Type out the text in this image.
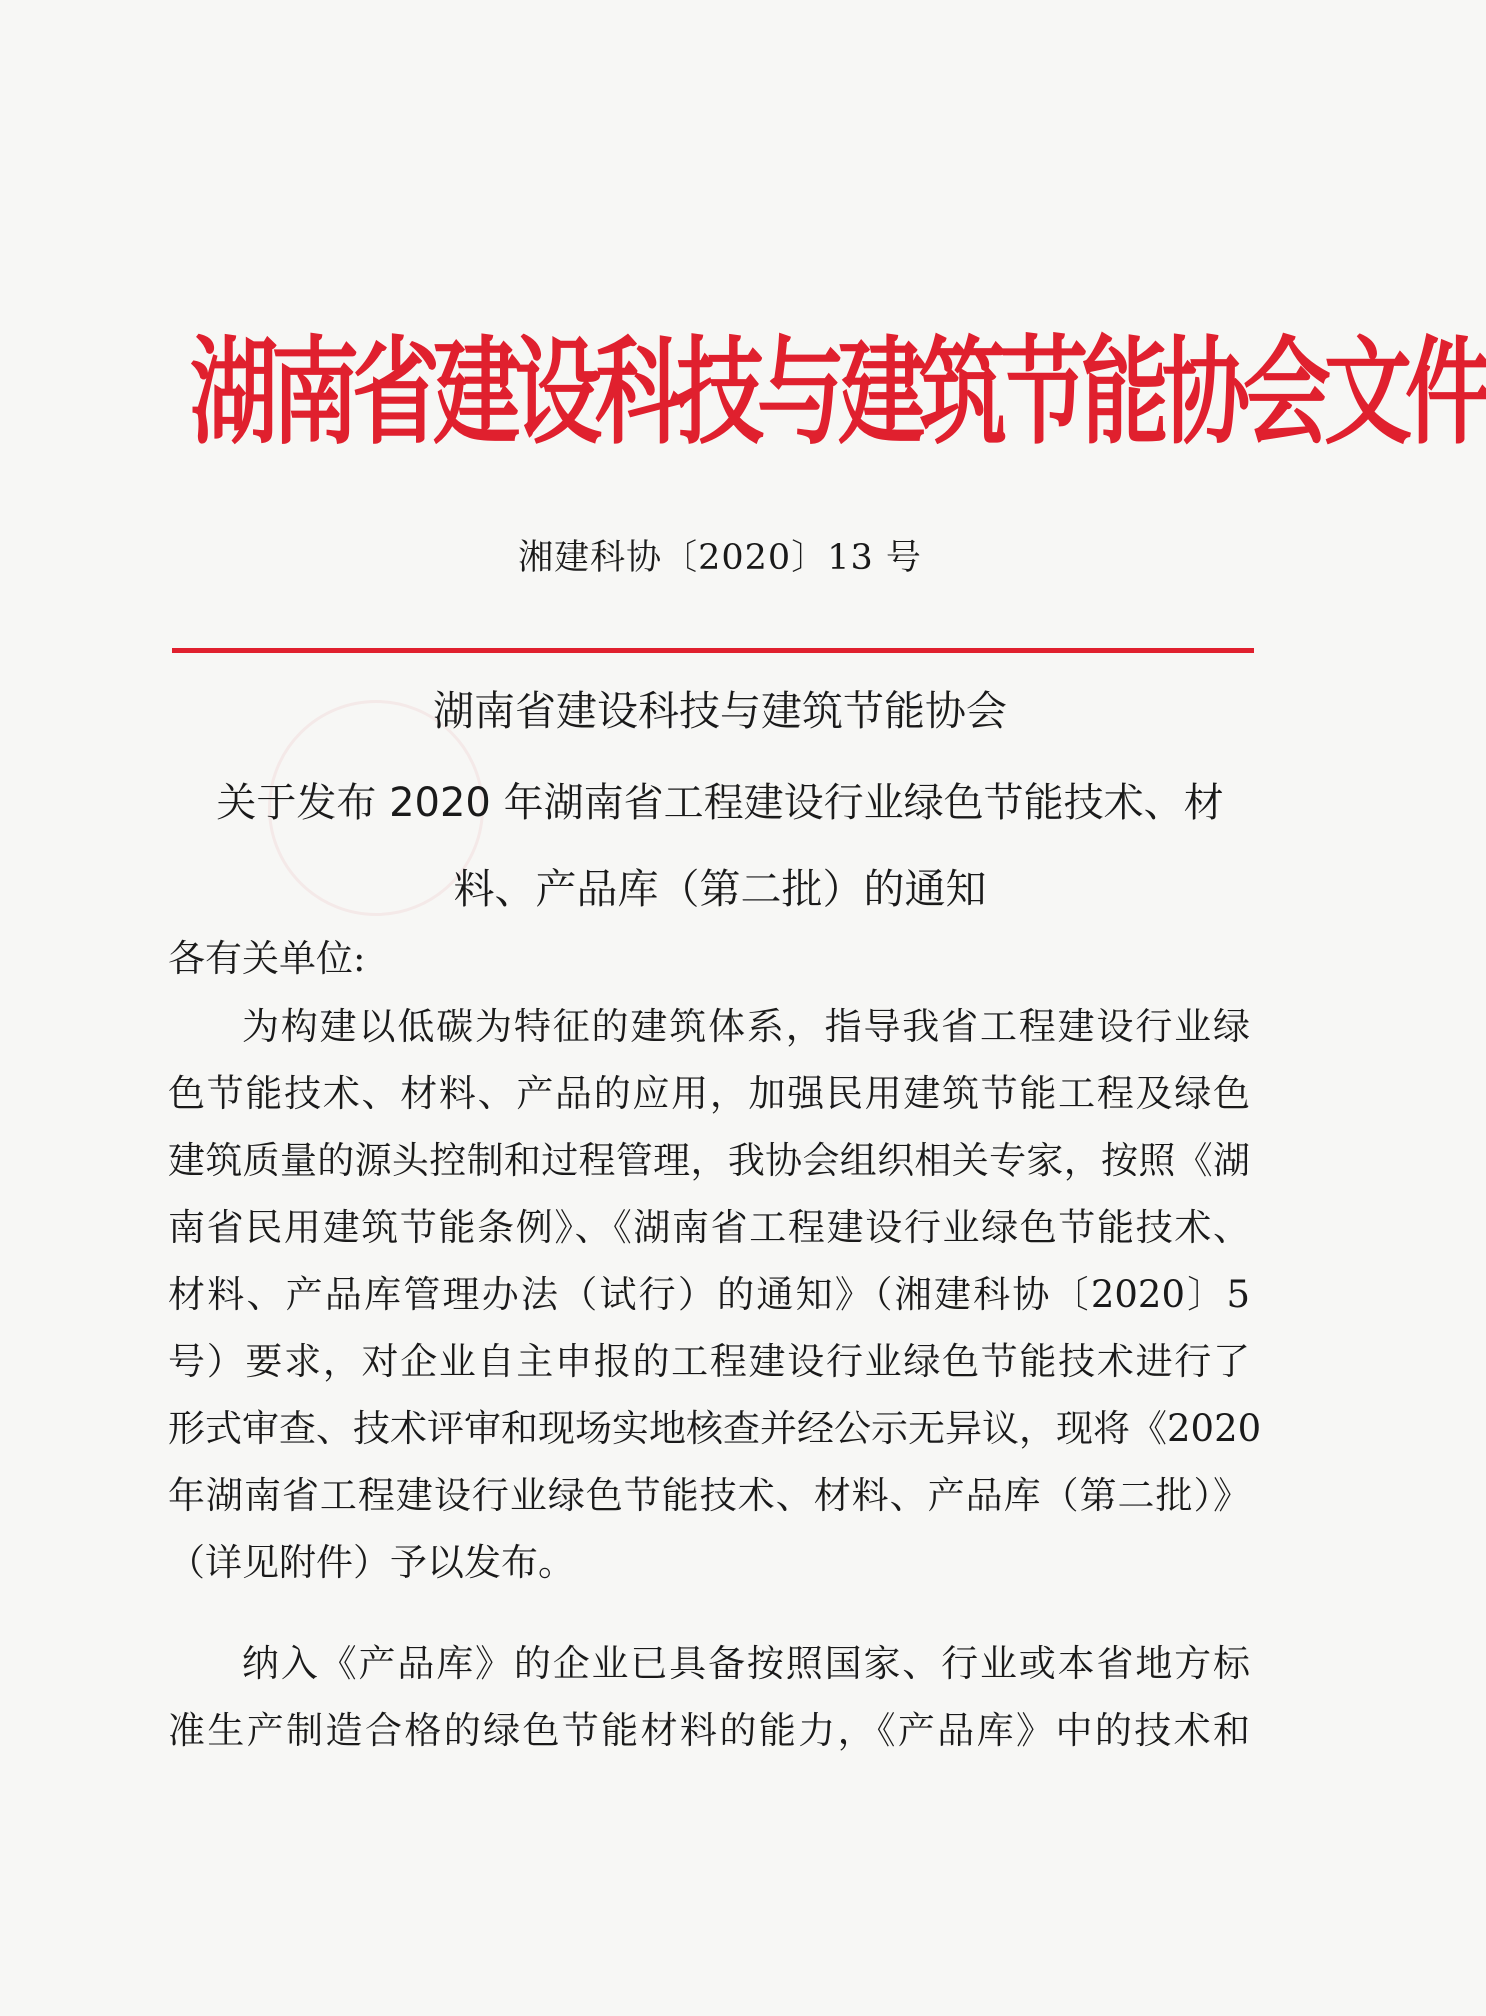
湖南省建设科技与建筑节能协会文件
湘建科协〔2020〕13 号
湖南省建设科技与建筑节能协会
关于发布 2020 年湖南省工程建设行业绿色节能技术、材
料、产品库（第二批）的通知
各有关单位:
为构建以低碳为特征的建筑体系，指导我省工程建设行业绿
色节能技术、材料、产品的应用，加强民用建筑节能工程及绿色
建筑质量的源头控制和过程管理，我协会组织相关专家，按照《湖
南省民用建筑节能条例》、《湖南省工程建设行业绿色节能技术、
材料、产品库管理办法（试行）的通知》（湘建科协〔2020〕5
号）要求，对企业自主申报的工程建设行业绿色节能技术进行了
形式审查、技术评审和现场实地核查并经公示无异议，现将《2020
年湖南省工程建设行业绿色节能技术、材料、产品库（第二批）》
（详见附件）予以发布。
纳入《产品库》的企业已具备按照国家、行业或本省地方标
准生产制造合格的绿色节能材料的能力，《产品库》中的技术和
